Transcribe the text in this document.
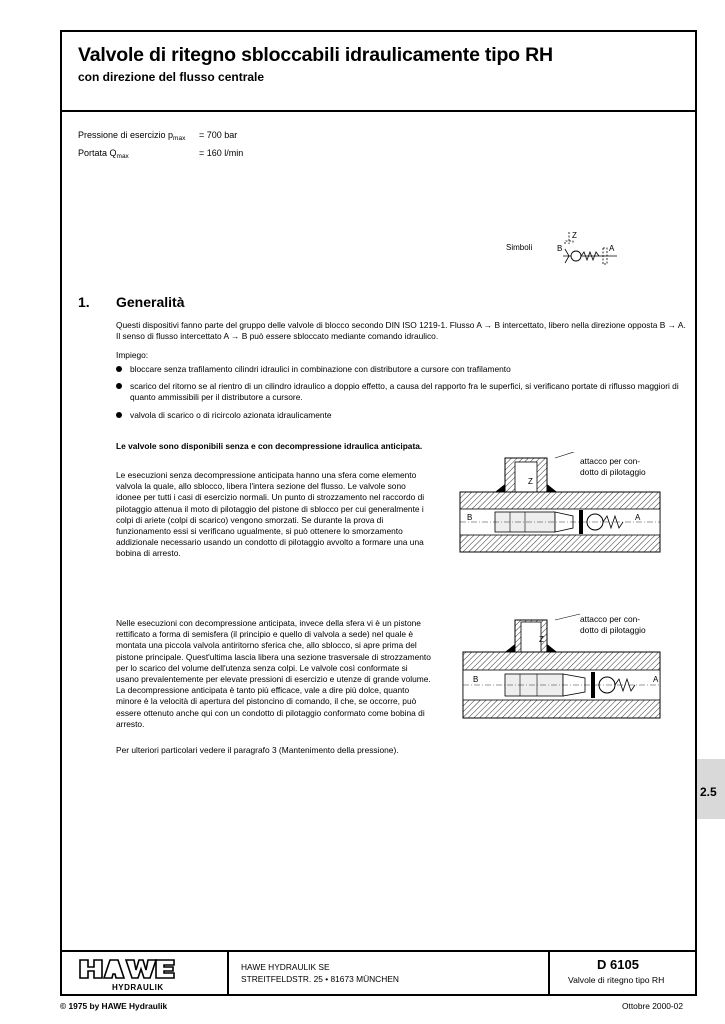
Valvole di ritegno sbloccabili idraulicamente tipo RH
con direzione del flusso centrale
Pressione di esercizio $p_{max}$	= 700 bar
Portata $Q_{max}$	= 160 l/min
Simboli
Z
B	A
1. Generalità
Questi dispositivi fanno parte del gruppo delle valvole di blocco secondo DIN ISO 1219-1. Flusso A → B intercettato, libero nella direzione opposta B → A. Il senso di flusso intercettato A → B può essere sbloccato mediante comando idraulico.
Impiego:
bloccare senza trafilamento cilindri idraulici in combinazione con distributore a cursore con trafilamento
scarico del ritorno se al rientro di un cilindro idraulico a doppio effetto, a causa del rapporto fra le superfici, si verificano portate di riflusso maggiori di quanto ammissibili per il distributore a cursore.
valvola di scarico o di ricircolo azionata idraulicamente
Le valvole sono disponibili senza e con decompressione idraulica anticipata.
Le esecuzioni senza decompressione anticipata hanno una sfera come elemento valvola la quale, allo sblocco, libera l'intera sezione del flusso. Le valvole sono idonee per tutti i casi di esercizio normali. Un punto di strozzamento nel raccordo di pilotaggio attenua il moto di pilotaggio del pistone di sblocco per cui generalmente i colpi di ariete (colpi di scarico) vengono smorzati. Se durante la prova di funzionamento essi si verificano ugualmente, si può ottenere lo smorzamento addizionale necessario usando un condotto di pilotaggio avvolto a formare una una bobina di arresto.
Nelle esecuzioni con decompressione anticipata, invece della sfera vi è un pistone rettificato a forma di semisfera (il principio e quello di valvola a sede) nel quale è montata una piccola valvola antiritorno sferica che, allo sblocco, si apre prima del pistone principale. Quest'ultima lascia libera una sezione trasversale di strozzamento per lo scarico del volume dell'utenza senza colpi. Le valvole così conformate si usano prevalentemente per elevate pressioni di esercizio e utenze di grande volume. La decompressione anticipata è tanto più efficace, vale a dire più dolce, quanto minore è la velocità di apertura del pistoncino di comando, il che, se occorre, può essere ottenuto anche qui con un condotto di pilotaggio conformato come bobina di arresto.
Per ulteriori particolari vedere il paragrafo 3 (Mantenimento della pressione).
attacco per con-
dotto di pilotaggio
Z
B	A
attacco per con-
dotto di pilotaggio
Z
B	A
2.5
HYDRAULIK
HAWE HYDRAULIK SE
STREITFELDSTR. 25 • 81673 MÜNCHEN
D 6105
Valvole di ritegno tipo RH
© 1975 by HAWE Hydraulik	Ottobre 2000-02
